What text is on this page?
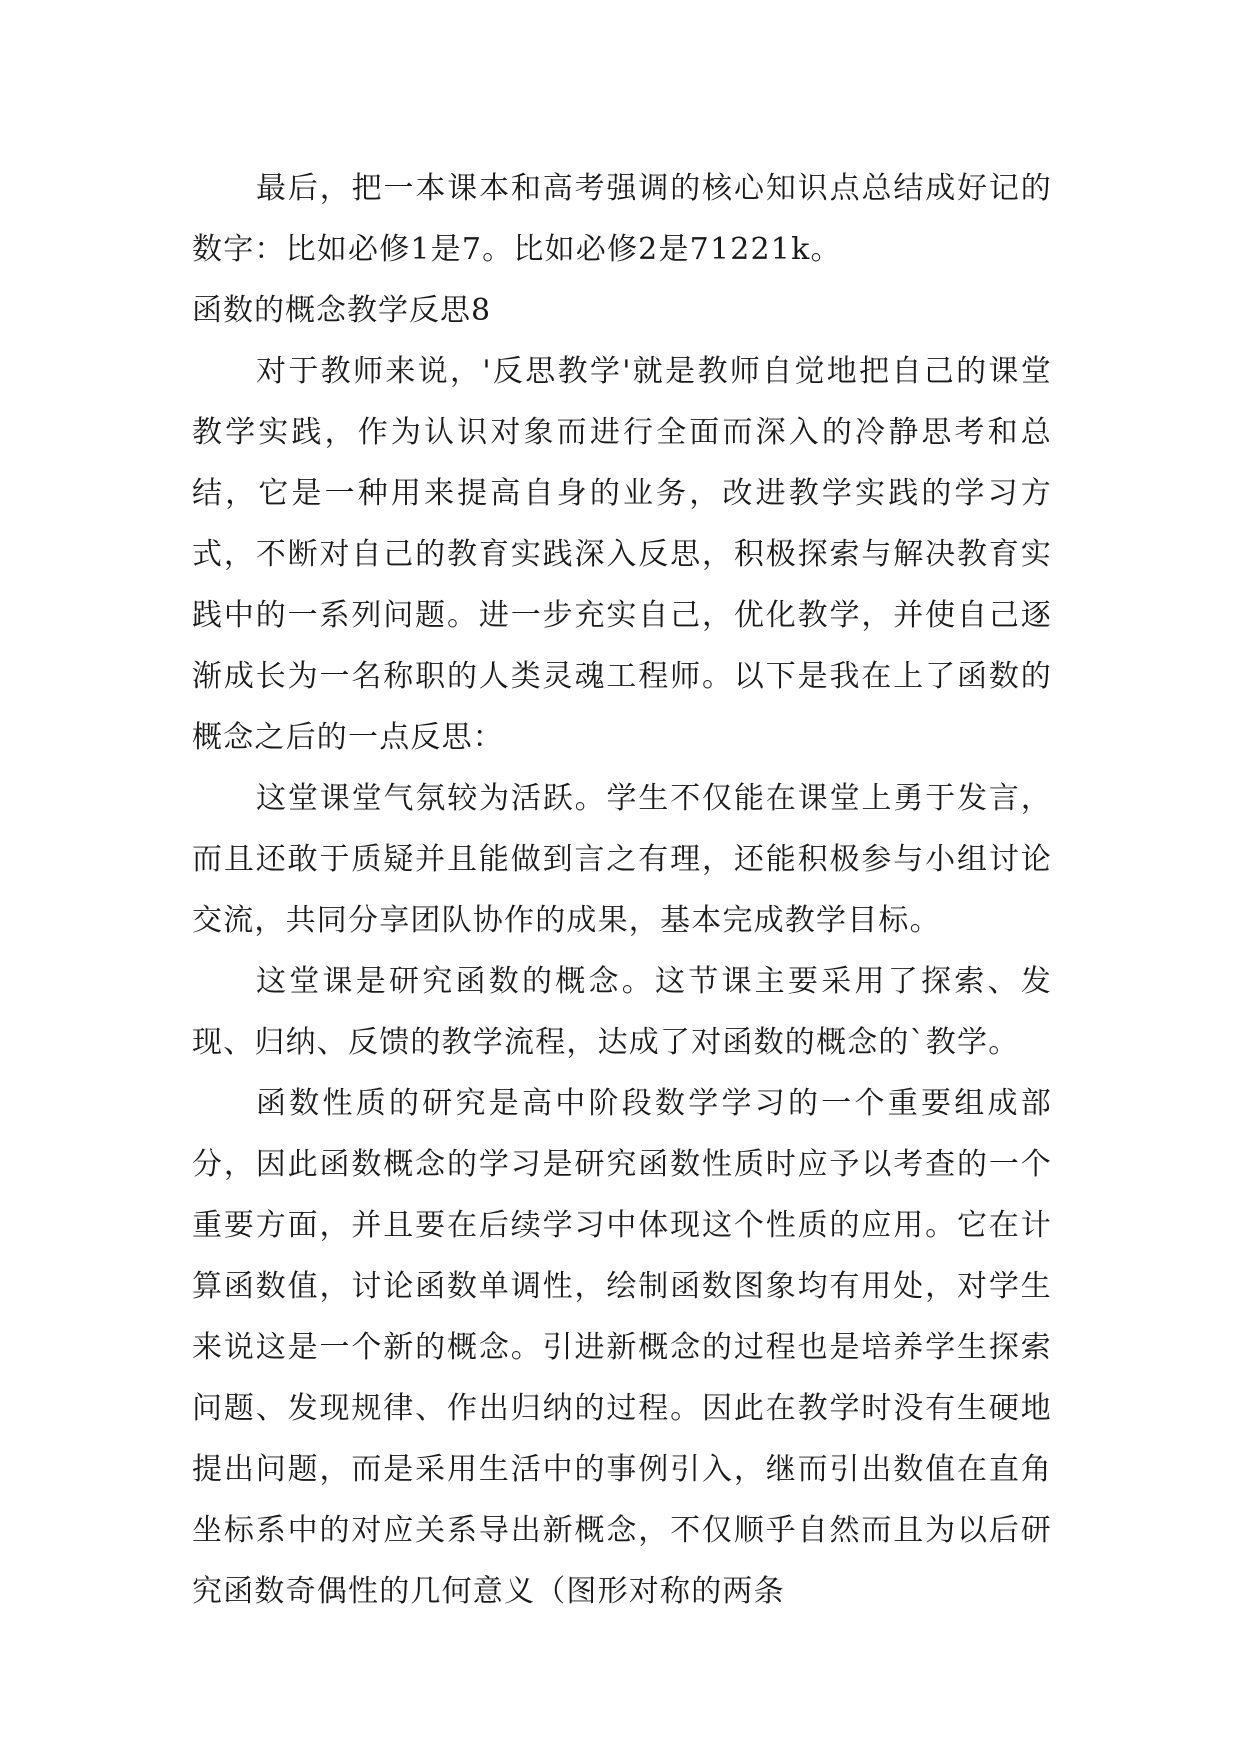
最后，把一本课本和高考强调的核心知识点总结成好记的数字：比如必修1是7。比如必修2是71221k。

函数的概念教学反思8

对于教师来说，'反思教学'就是教师自觉地把自己的课堂教学实践，作为认识对象而进行全面而深入的冷静思考和总结，它是一种用来提高自身的业务，改进教学实践的学习方式，不断对自己的教育实践深入反思，积极探索与解决教育实践中的一系列问题。进一步充实自己，优化教学，并使自己逐渐成长为一名称职的人类灵魂工程师。以下是我在上了函数的概念之后的一点反思：

这堂课堂气氛较为活跃。学生不仅能在课堂上勇于发言，而且还敢于质疑并且能做到言之有理，还能积极参与小组讨论交流，共同分享团队协作的成果，基本完成教学目标。

这堂课是研究函数的概念。这节课主要采用了探索、发现、归纳、反馈的教学流程，达成了对函数的概念的`教学。

函数性质的研究是高中阶段数学学习的一个重要组成部分，因此函数概念的学习是研究函数性质时应予以考查的一个重要方面，并且要在后续学习中体现这个性质的应用。它在计算函数值，讨论函数单调性，绘制函数图象均有用处，对学生来说这是一个新的概念。引进新概念的过程也是培养学生探索问题、发现规律、作出归纳的过程。因此在教学时没有生硬地提出问题，而是采用生活中的事例引入，继而引出数值在直角坐标系中的对应关系导出新概念，不仅顺乎自然而且为以后研究函数奇偶性的几何意义（图形对称的两条
